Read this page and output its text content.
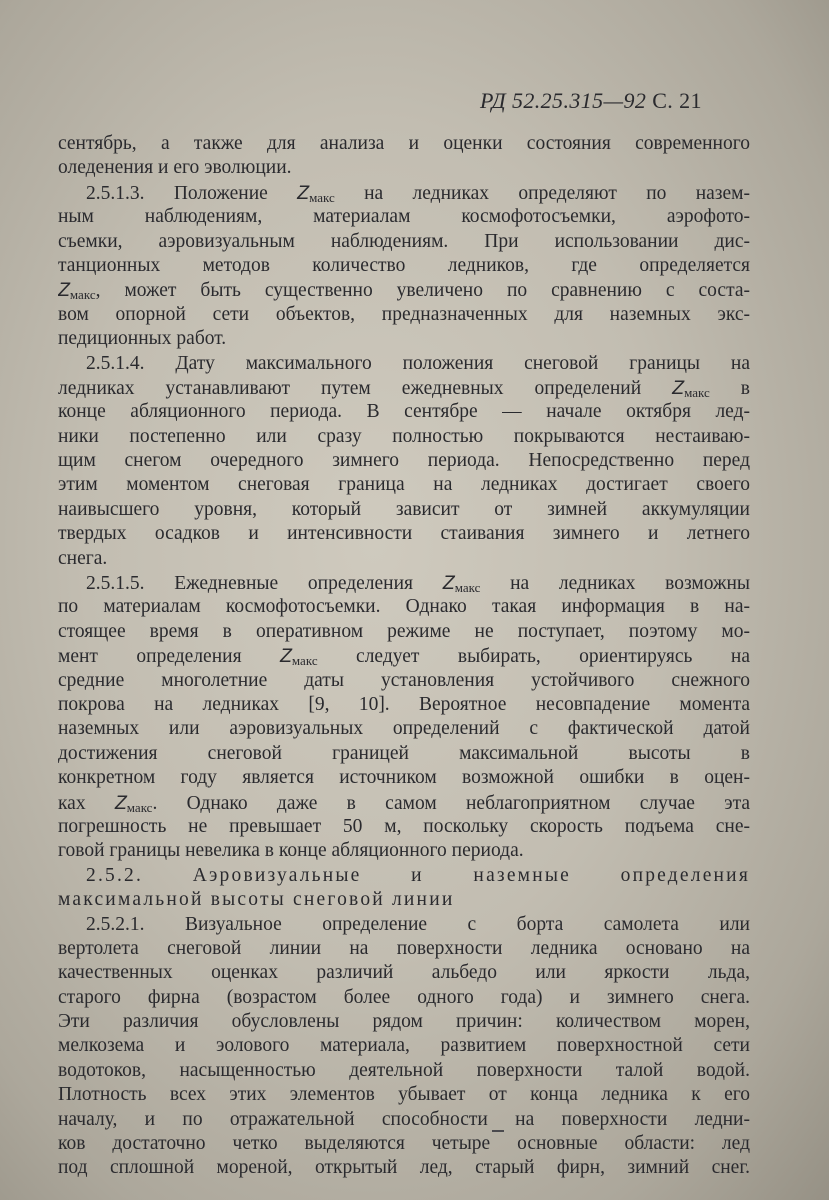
РД 52.25.315—92 С. 21
сентябрь, а также для анализа и оценки состояния современного
оледенения и его эволюции.
2.5.1.3. Положение $Z_{макс}$ на ледниках определяют по назем-
ным наблюдениям, материалам космофотосъемки, аэрофото-
съемки, аэровизуальным наблюдениям. При использовании дис-
танционных методов количество ледников, где определяется
$Z_{макс}$, может быть существенно увеличено по сравнению с соста-
вом опорной сети объектов, предназначенных для наземных экс-
педиционных работ.
2.5.1.4. Дату максимального положения снеговой границы на
ледниках устанавливают путем ежедневных определений $Z_{макс}$ в
конце абляционного периода. В сентябре — начале октября лед-
ники постепенно или сразу полностью покрываются нестаиваю-
щим снегом очередного зимнего периода. Непосредственно перед
этим моментом снеговая граница на ледниках достигает своего
наивысшего уровня, который зависит от зимней аккумуляции
твердых осадков и интенсивности стаивания зимнего и летнего
снега.
2.5.1.5. Ежедневные определения $Z_{макс}$ на ледниках возможны
по материалам космофотосъемки. Однако такая информация в на-
стоящее время в оперативном режиме не поступает, поэтому мо-
мент определения $Z_{макс}$ следует выбирать, ориентируясь на
средние многолетние даты установления устойчивого снежного
покрова на ледниках [9, 10]. Вероятное несовпадение момента
наземных или аэровизуальных определений с фактической датой
достижения снеговой границей максимальной высоты в
конкретном году является источником возможной ошибки в оцен-
ках $Z_{макс}$. Однако даже в самом неблагоприятном случае эта
погрешность не превышает 50 м, поскольку скорость подъема сне-
говой границы невелика в конце абляционного периода.
2.5.2. Аэровизуальные и наземные определения
максимальной высоты снеговой линии
2.5.2.1. Визуальное определение с борта самолета или
вертолета снеговой линии на поверхности ледника основано на
качественных оценках различий альбедо или яркости льда,
старого фирна (возрастом более одного года) и зимнего снега.
Эти различия обусловлены рядом причин: количеством морен,
мелкозема и эолового материала, развитием поверхностной сети
водотоков, насыщенностью деятельной поверхности талой водой.
Плотность всех этих элементов убывает от конца ледника к его
началу, и по отражательной способности на поверхности ледни-
ков достаточно четко выделяются четыре основные области: лед
под сплошной мореной, открытый лед, старый фирн, зимний снег.
